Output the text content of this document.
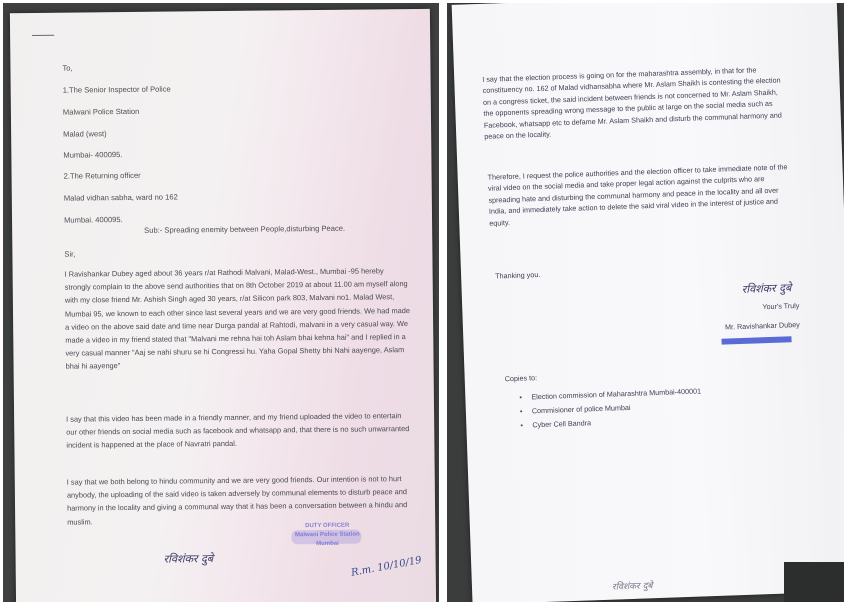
To,
1.The Senior Inspector of Police
Malwani Police Station
Malad (west)
Mumbai- 400095.
2.The Returning officer
Malad vidhan sabha, ward no 162
Mumbai. 400095.
Sub:- Spreading enemity between People,disturbing Peace.
Sir,
I Ravishankar Dubey aged about 36 years r/at Rathodi Malvani, Malad-West., Mumbai -95 hereby strongly complain to the above send authorities that on 8th October 2019 at about 11.00 am myself along with my close friend Mr. Ashish Singh aged 30 years, r/at Silicon park 803, Malvani no1. Malad West, Mumbai 95, we known to each other since last several years and we are very good friends. We had made a video on the above said date and time near Durga pandal at Rahtodi, malvani in a very casual way. We made a video in my friend stated that "Malvani me rehna hai toh Aslam bhai kehna hai" and I replied in a very casual manner "Aaj se nahi shuru se hi Congressi hu. Yaha Gopal Shetty bhi Nahi aayenge, Aslam bhai hi aayenge"
I say that this video has been made in a friendly manner, and my friend uploaded the video to entertain our other friends on social media such as facebook and whatsapp and, that there is no such unwarranted incident is happened at the place of Navratri pandal.
I say that we both belong to hindu community and we are very good friends. Our intention is not to hurt anybody, the uploading of the said video is taken adversely by communal elements to disturb peace and harmony in the locality and giving a communal way that it has been a conversation between a hindu and muslim.
रविशंकर दुबे
DUTY OFFICER
Malwani Police Station
Mumbai
R.m. 10/10/19
I say that the election process is going on for the maharashtra assembly, in that for the constituency no. 162 of Malad vidhansabha where Mr. Aslam Shaikh is contesting the election on a congress ticket, the said incident between friends is not concerned to Mr. Aslam Shaikh, the opponents spreading wrong message to the public at large on the social media such as Facebook, whatsapp etc to defame Mr. Aslam Shaikh and disturb the communal harmony and peace on the locality.
Therefore, I request the police authorities and the election officer to take immediate note of the viral video on the social media and take proper legal action against the culprits who are spreading hate and disturbing the communal harmony and peace in the locality and all over India, and immediately take action to delete the said viral video in the interest of justice and equity.
Thanking you.
रविशंकर दुबे
Your's Truly
Mr. Ravishankar Dubey
Copies to:
• Election commission of Maharashtra Mumbai-400001
• Commisioner of police Mumbai
• Cyber Cell Bandra
रविशंकर दुबे
